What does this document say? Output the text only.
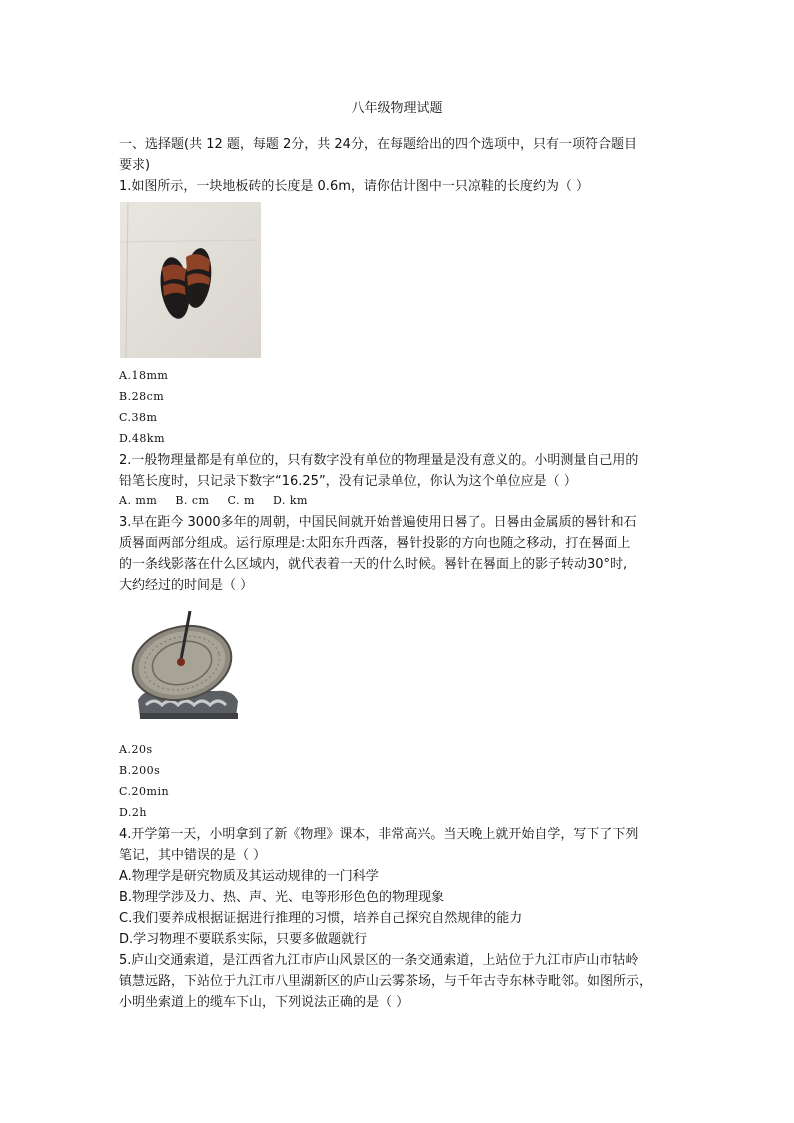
八年级物理试题
一、选择题(共 12 题，每题 2分，共 24分，在每题给出的四个选项中，只有一项符合题目
要求)
1.如图所示，一块地板砖的长度是 0.6m，请你估计图中一只凉鞋的长度约为（ ）
A.18mm
B.28cm
C.38m
D.48km
2.一般物理量都是有单位的，只有数字没有单位的物理量是没有意义的。小明测量自己用的
铅笔长度时，只记录下数字“16.25”，没有记录单位，你认为这个单位应是（ ）
A. mm B. cm C. m D. km
3.早在距今 3000多年的周朝，中国民间就开始普遍使用日晷了。日晷由金属质的晷针和石
质晷面两部分组成。运行原理是:太阳东升西落，晷针投影的方向也随之移动，打在晷面上
的一条线影落在什么区域内，就代表着一天的什么时候。晷针在晷面上的影子转动30°时,
大约经过的时间是（ ）
A.20s
B.200s
C.20min
D.2h
4.开学第一天，小明拿到了新《物理》课本，非常高兴。当天晚上就开始自学，写下了下列
笔记，其中错误的是（ ）
A.物理学是研究物质及其运动规律的一门科学
B.物理学涉及力、热、声、光、电等形形色色的物理现象
C.我们要养成根据证据进行推理的习惯，培养自己探究自然规律的能力
D.学习物理不要联系实际，只要多做题就行
5.庐山交通索道，是江西省九江市庐山风景区的一条交通索道，上站位于九江市庐山市牯岭
镇慧远路，下站位于九江市八里湖新区的庐山云雾茶场，与千年古寺东林寺毗邻。如图所示，
小明坐索道上的缆车下山，下列说法正确的是（ ）
